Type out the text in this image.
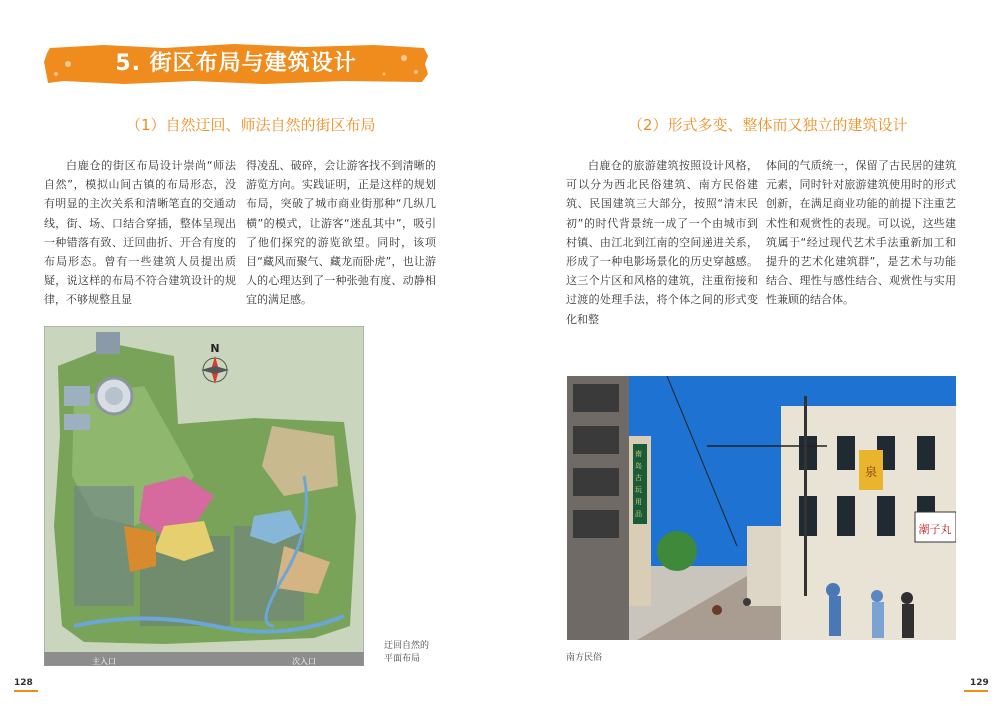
5. 街区布局与建筑设计
（1）自然迂回、师法自然的街区布局

白鹿仓的街区布局设计崇尚“师法自然”，模拟山间古镇的布局形态，没有明显的主次关系和清晰笔直的交通动线，街、场、口结合穿插，整体呈现出一种错落有致、迂回曲折、开合有度的布局形态。曾有一些建筑人员提出质疑，说这样的布局不符合建筑设计的规律，不够规整且显

得凌乱、破碎，会让游客找不到清晰的游览方向。实践证明，正是这样的规划布局，突破了城市商业街那种“几纵几横”的模式，让游客“迷乱其中”，吸引了他们探究的游览欲望。同时，该项目“藏风而聚气、藏龙而卧虎”，也让游人的心理达到了一种张弛有度、动静相宜的满足感。

N
主入口	次入口
迂回自然的
平面布局
128
（2）形式多变、整体而又独立的建筑设计

白鹿仓的旅游建筑按照设计风格，可以分为西北民俗建筑、南方民俗建筑、民国建筑三大部分，按照“清末民初”的时代背景统一成了一个由城市到村镇、由江北到江南的空间递进关系，形成了一种电影场景化的历史穿越感。这三个片区和风格的建筑，注重衔接和过渡的处理手法，将个体之间的形式变化和整

体间的气质统一，保留了古民居的建筑元素，同时针对旅游建筑使用时的形式创新，在满足商业功能的前提下注重艺术性和观赏性的表现。可以说，这些建筑属于“经过现代艺术手法重新加工和提升的艺术化建筑群”，是艺术与功能结合、理性与感性结合、观赏性与实用性兼顾的结合体。

南 岛 古 玩 用 品
泉
潮子丸
南方民俗
129
